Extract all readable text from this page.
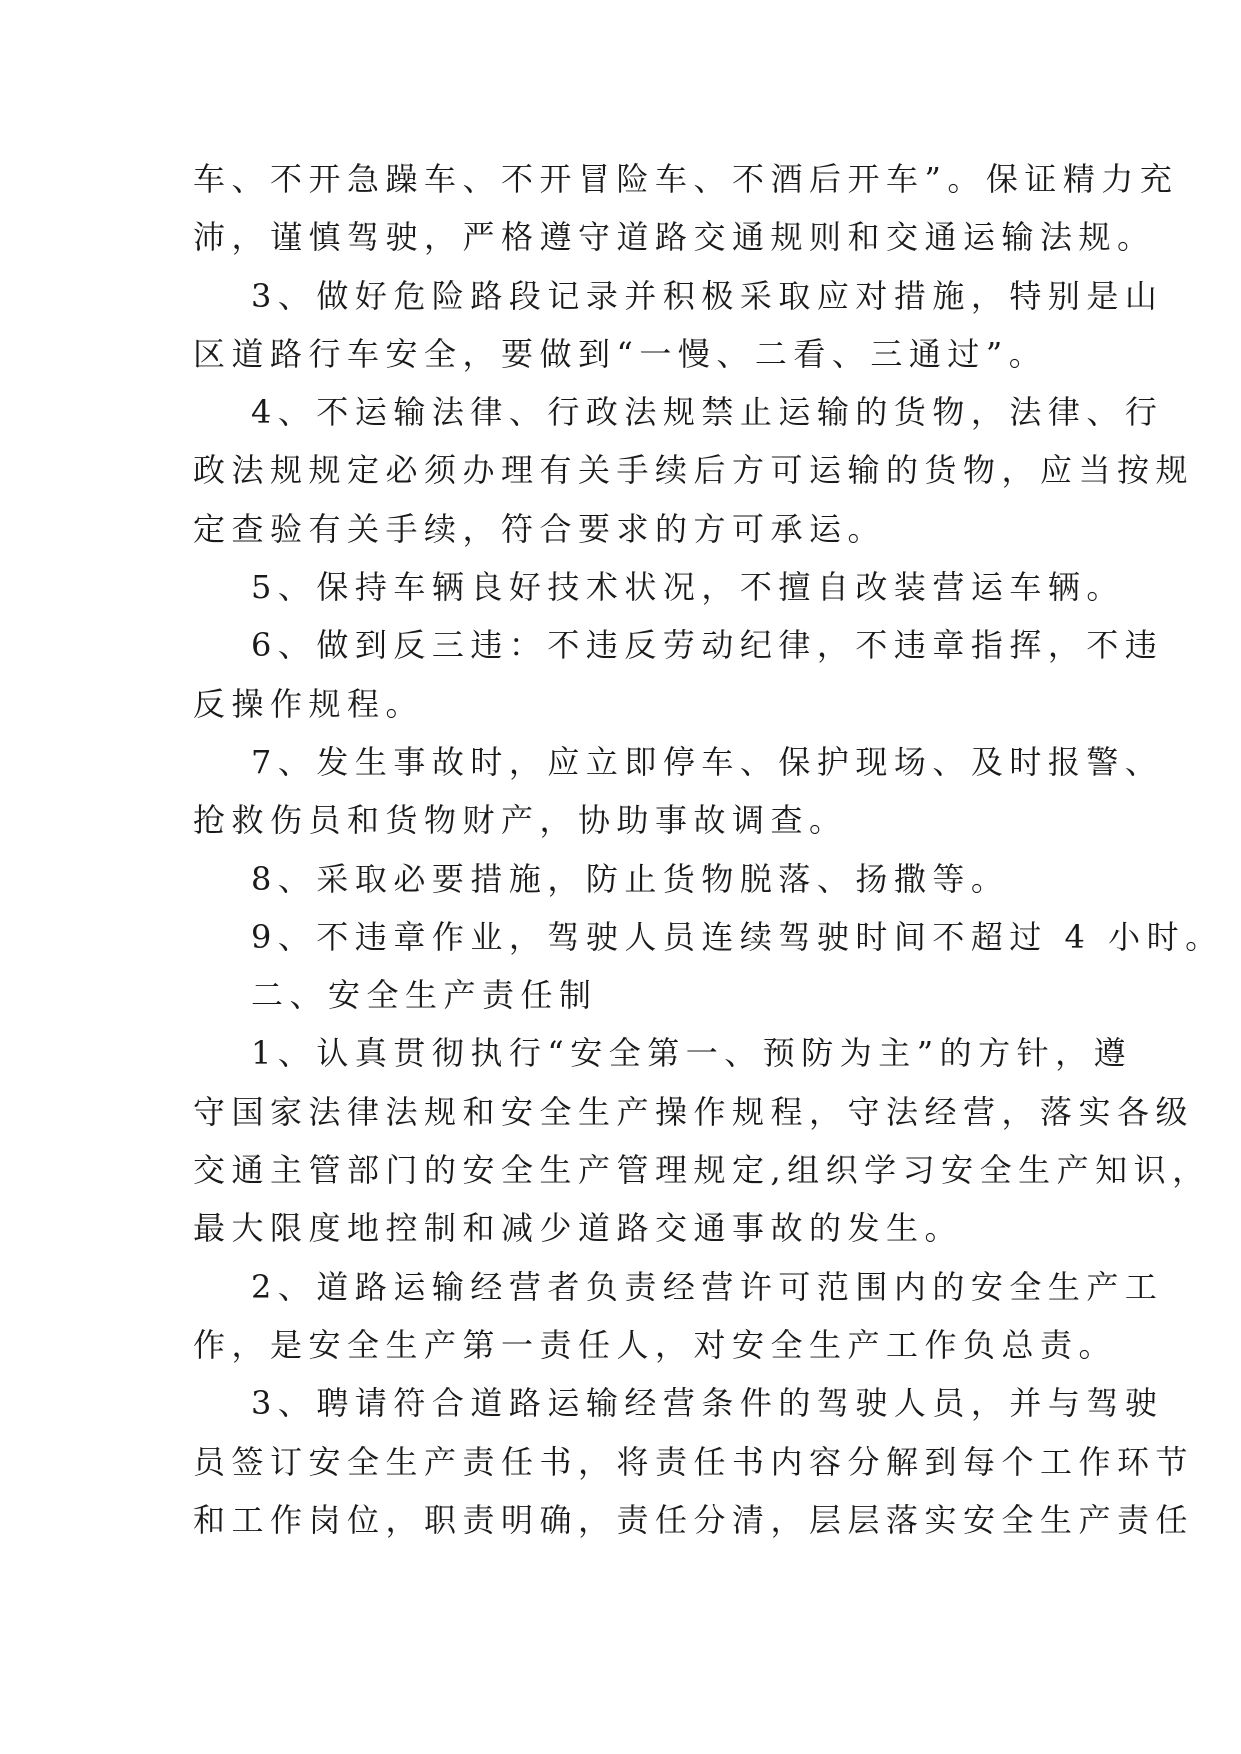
车、不开急躁车、不开冒险车、不酒后开车”。保证精力充
沛，谨慎驾驶，严格遵守道路交通规则和交通运输法规。
3、做好危险路段记录并积极采取应对措施，特别是山
区道路行车安全，要做到“一慢、二看、三通过”。
4、不运输法律、行政法规禁止运输的货物，法律、行
政法规规定必须办理有关手续后方可运输的货物，应当按规
定查验有关手续，符合要求的方可承运。
5、保持车辆良好技术状况，不擅自改装营运车辆。
6、做到反三违：不违反劳动纪律，不违章指挥，不违
反操作规程。
7、发生事故时，应立即停车、保护现场、及时报警、
抢救伤员和货物财产，协助事故调查。
8、采取必要措施，防止货物脱落、扬撒等。
9、不违章作业，驾驶人员连续驾驶时间不超过 4 小时。
二、安全生产责任制
1、认真贯彻执行“安全第一、预防为主”的方针，遵
守国家法律法规和安全生产操作规程，守法经营，落实各级
交通主管部门的安全生产管理规定,组织学习安全生产知识，
最大限度地控制和减少道路交通事故的发生。
2、道路运输经营者负责经营许可范围内的安全生产工
作，是安全生产第一责任人，对安全生产工作负总责。
3、聘请符合道路运输经营条件的驾驶人员，并与驾驶
员签订安全生产责任书，将责任书内容分解到每个工作环节
和工作岗位，职责明确，责任分清，层层落实安全生产责任
